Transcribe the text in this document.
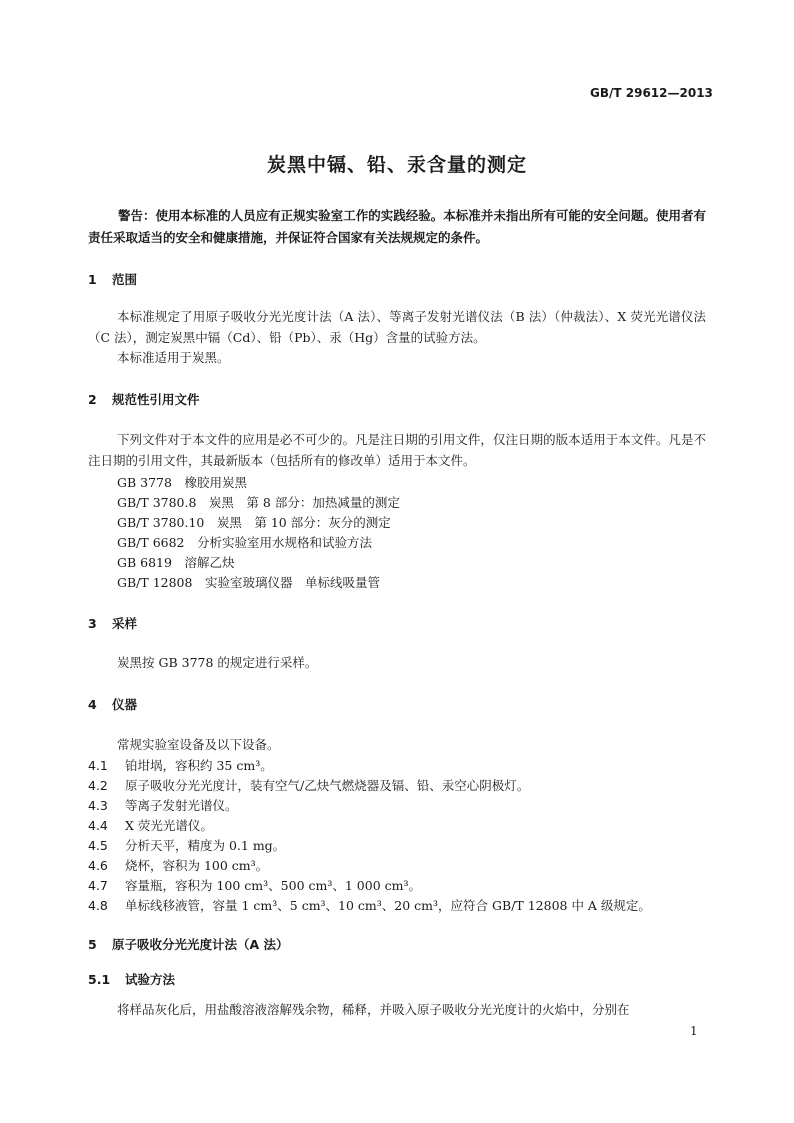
GB/T 29612—2013
炭黑中镉、铅、汞含量的测定
警告：使用本标准的人员应有正规实验室工作的实践经验。本标准并未指出所有可能的安全问题。使用者有责任采取适当的安全和健康措施，并保证符合国家有关法规规定的条件。
1 范围
本标准规定了用原子吸收分光光度计法（A 法）、等离子发射光谱仪法（B 法）（仲裁法）、X 荧光光谱仪法（C 法），测定炭黑中镉（Cd）、铅（Pb）、汞（Hg）含量的试验方法。
本标准适用于炭黑。
2 规范性引用文件
下列文件对于本文件的应用是必不可少的。凡是注日期的引用文件，仅注日期的版本适用于本文件。凡是不注日期的引用文件，其最新版本（包括所有的修改单）适用于本文件。
GB 3778　橡胶用炭黑
GB/T 3780.8　炭黑　第 8 部分：加热减量的测定
GB/T 3780.10　炭黑　第 10 部分：灰分的测定
GB/T 6682　分析实验室用水规格和试验方法
GB 6819　溶解乙炔
GB/T 12808　实验室玻璃仪器　单标线吸量管
3 采样
炭黑按 GB 3778 的规定进行采样。
4 仪器
常规实验室设备及以下设备。
4.1 铂坩埚，容积约 35 cm³。
4.2 原子吸收分光光度计，装有空气/乙炔气燃烧器及镉、铅、汞空心阴极灯。
4.3 等离子发射光谱仪。
4.4 X 荧光光谱仪。
4.5 分析天平，精度为 0.1 mg。
4.6 烧杯，容积为 100 cm³。
4.7 容量瓶，容积为 100 cm³、500 cm³、1 000 cm³。
4.8 单标线移液管，容量 1 cm³、5 cm³、10 cm³、20 cm³，应符合 GB/T 12808 中 A 级规定。
5 原子吸收分光光度计法（A 法）
5.1 试验方法
将样品灰化后，用盐酸溶液溶解残余物，稀释，并吸入原子吸收分光光度计的火焰中，分别在
1
